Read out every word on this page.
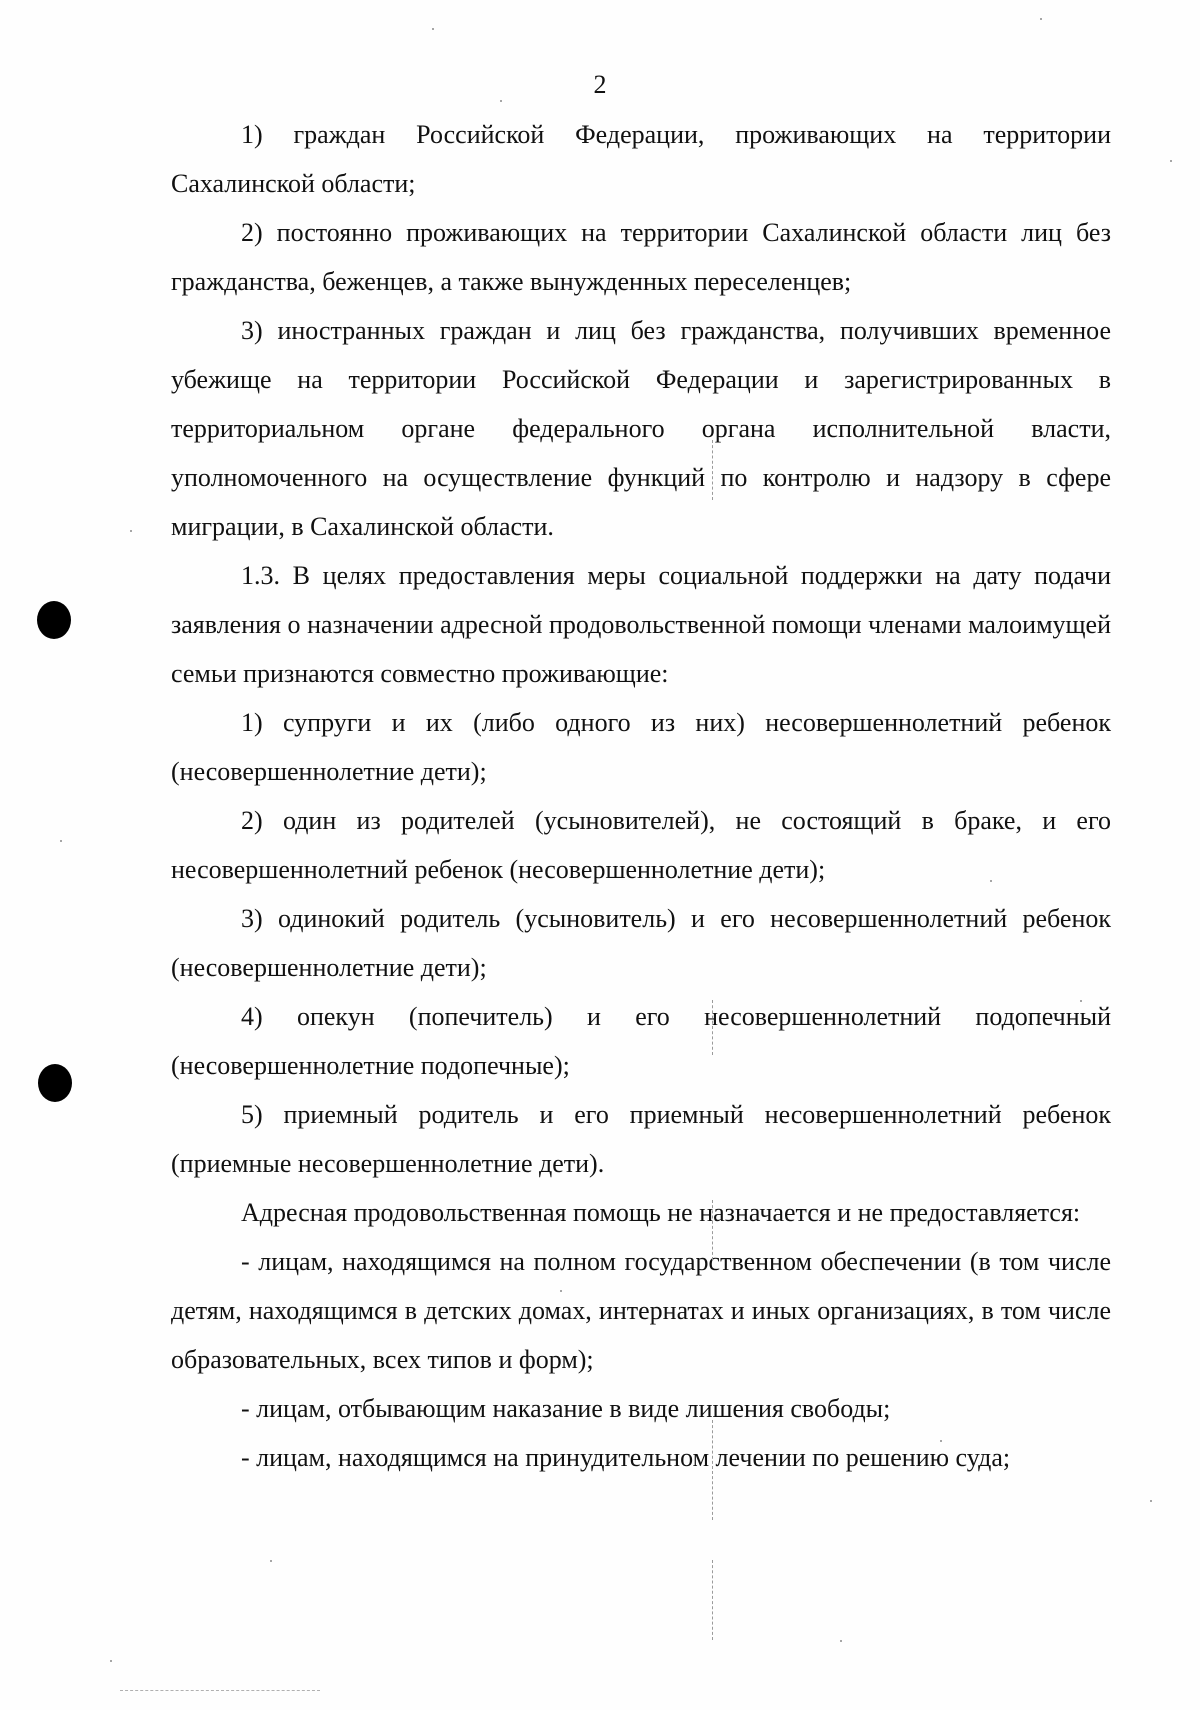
2

1) граждан Российской Федерации, проживающих на территории Сахалинской области;

2) постоянно проживающих на территории Сахалинской области лиц без гражданства, беженцев, а также вынужденных переселенцев;

3) иностранных граждан и лиц без гражданства, получивших временное убежище на территории Российской Федерации и зарегистрированных в территориальном органе федерального органа исполнительной власти, уполномоченного на осуществление функций по контролю и надзору в сфере миграции, в Сахалинской области.

1.3. В целях предоставления меры социальной поддержки на дату подачи заявления о назначении адресной продовольственной помощи членами малоимущей семьи признаются совместно проживающие:

1) супруги и их (либо одного из них) несовершеннолетний ребенок (несовершеннолетние дети);

2) один из родителей (усыновителей), не состоящий в браке, и его несовершеннолетний ребенок (несовершеннолетние дети);

3) одинокий родитель (усыновитель) и его несовершеннолетний ребенок (несовершеннолетние дети);

4) опекун (попечитель) и его несовершеннолетний подопечный (несовершеннолетние подопечные);

5) приемный родитель и его приемный несовершеннолетний ребенок (приемные несовершеннолетние дети).

Адресная продовольственная помощь не назначается и не предоставляется:

- лицам, находящимся на полном государственном обеспечении (в том числе детям, находящимся в детских домах, интернатах и иных организациях, в том числе образовательных, всех типов и форм);

- лицам, отбывающим наказание в виде лишения свободы;

- лицам, находящимся на принудительном лечении по решению суда;
